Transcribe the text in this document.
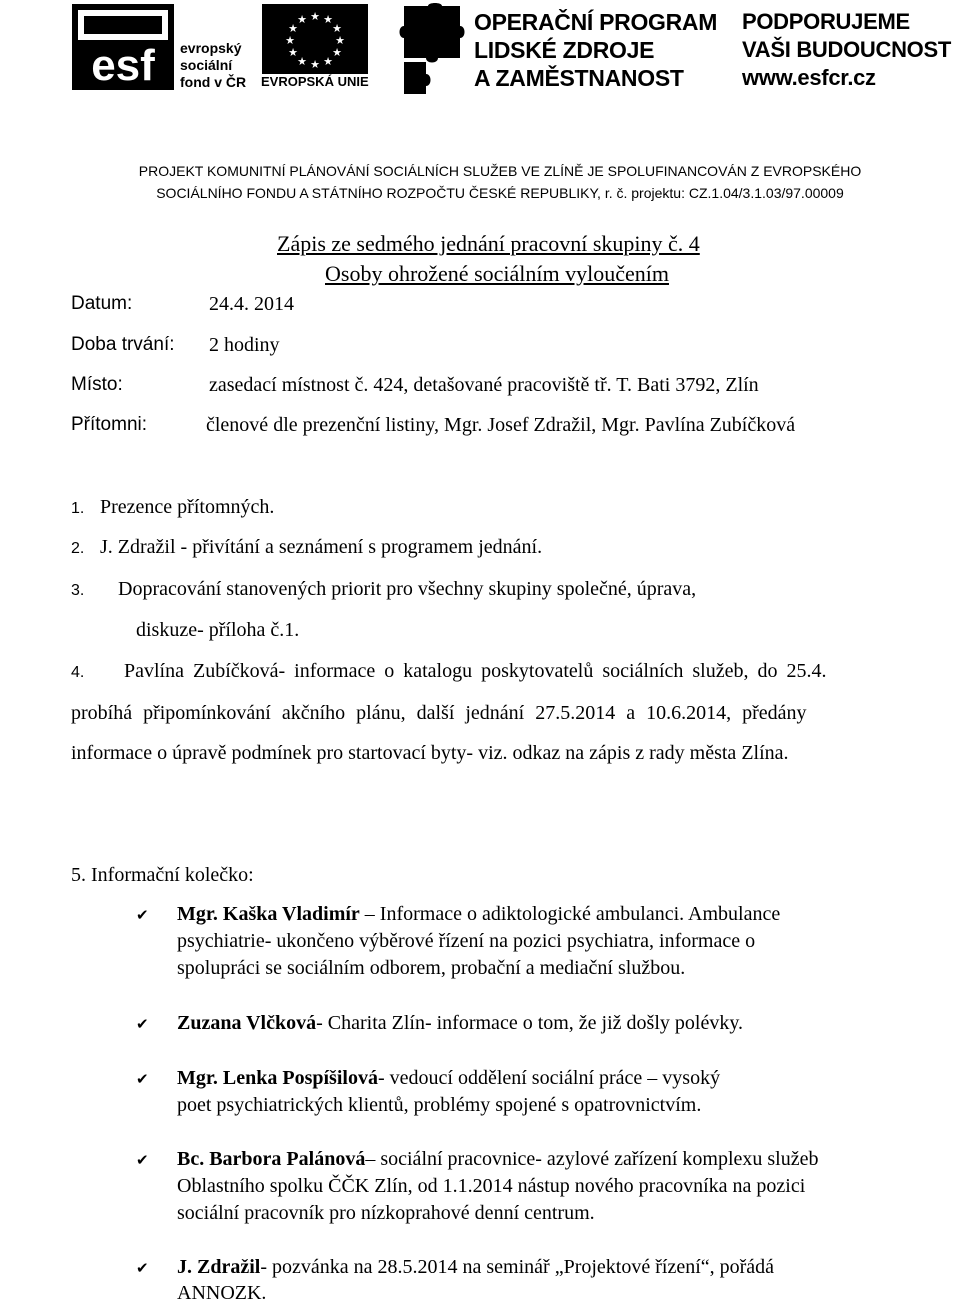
esf evropský
sociální
fond v ČR
★ ★
★
★
★
★
★
★
★
★
★
★
EVROPSKÁ UNIE
OPERAČNÍ PROGRAM
LIDSKÉ ZDROJE
A ZAMĚSTNANOST
PODPORUJEME
VAŠI BUDOUCNOST
www.esfcr.cz
PROJEKT KOMUNITNÍ PLÁNOVÁNÍ SOCIÁLNÍCH SLUŽEB VE ZLÍNĚ JE SPOLUFINANCOVÁN Z EVROPSKÉHO
SOCIÁLNÍHO FONDU A STÁTNÍHO ROZPOČTU ČESKÉ REPUBLIKY, r. č. projektu: CZ.1.04/3.1.03/97.00009
Zápis ze sedmého jednání pracovní skupiny č. 4
Osoby ohrožené sociálním vyloučením
Datum:	24.4. 2014
Doba trvání: 2 hodiny
Místo:	zasedací místnost č. 424, detašované pracoviště tř. T. Bati 3792, Zlín
Přítomni:	členové dle prezenční listiny, Mgr. Josef Zdražil, Mgr. Pavlína Zubíčková
1. Prezence přítomných.
2. J. Zdražil - přivítání a seznámení s programem jednání.
3. Dopracování stanovených priorit pro všechny skupiny společné, úprava,
diskuze- příloha č.1.
4. Pavlína Zubíčková- informace o katalogu poskytovatelů sociálních služeb, do 25.4.
probíhá připomínkování akčního plánu, další jednání 27.5.2014 a 10.6.2014, předány
informace o úpravě podmínek pro startovací byty- viz. odkaz na zápis z rady města Zlína.
5. Informační kolečko:
✔ Mgr. Kaška Vladimír – Informace o adiktologické ambulanci. Ambulance
psychiatrie- ukončeno výběrové řízení na pozici psychiatra, informace o
spolupráci se sociálním odborem, probační a mediační službou.
✔ Zuzana Vlčková- Charita Zlín- informace o tom, že již došly polévky.
✔ Mgr. Lenka Pospíšilová- vedoucí oddělení sociální práce – vysoký
poet psychiatrických klientů, problémy spojené s opatrovnictvím.
✔ Bc. Barbora Palánová– sociální pracovnice- azylové zařízení komplexu služeb
Oblastního spolku ČČK Zlín, od 1.1.2014 nástup nového pracovníka na pozici
sociální pracovník pro nízkoprahové denní centrum.
✔ J. Zdražil- pozvánka na 28.5.2014 na seminář „Projektové řízení“, pořádá
ANNOZK.
